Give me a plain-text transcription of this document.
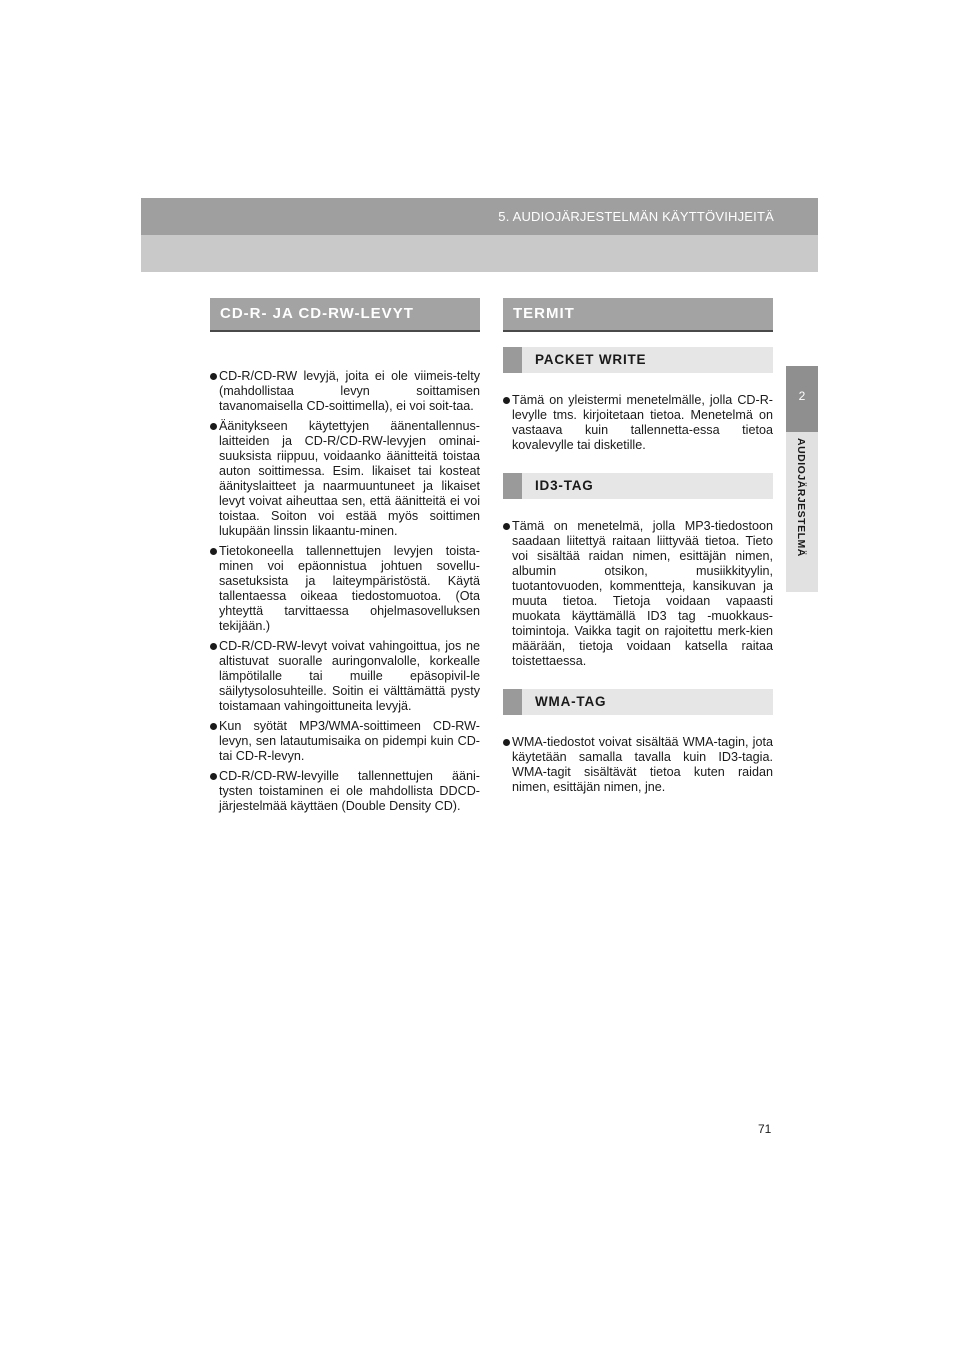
5. AUDIOJÄRJESTELMÄN KÄYTTÖVIHJEITÄ
2
AUDIOJÄRJESTELMÄ
CD-R- JA CD-RW-LEVYT
CD-R/CD-RW levyjä, joita ei ole viimeis-telty (mahdollistaa levyn soittamisen tavanomaisella CD-soittimella), ei voi soit-taa.
Äänitykseen käytettyjen äänentallennus-laitteiden ja CD-R/CD-RW-levyjen ominai-suuksista riippuu, voidaanko äänitteitä toistaa auton soittimessa. Esim. likaiset tai kosteat äänityslaitteet ja naarmuuntuneet ja likaiset levyt voivat aiheuttaa sen, että äänitteitä ei voi toistaa. Soiton voi estää myös soittimen lukupään linssin likaantu-minen.
Tietokoneella tallennettujen levyjen toista-minen voi epäonnistua johtuen sovellu-sasetuksista ja laiteympäristöstä. Käytä tallentaessa oikeaa tiedostomuotoa. (Ota yhteyttä tarvittaessa ohjelmasovelluksen tekijään.)
CD-R/CD-RW-levyt voivat vahingoittua, jos ne altistuvat suoralle auringonvalolle, korkealle lämpötilalle tai muille epäsopivil-le säilytysolosuhteille. Soitin ei välttämättä pysty toistamaan vahingoittuneita levyjä.
Kun syötät MP3/WMA-soittimeen CD-RW-levyn, sen latautumisaika on pidempi kuin CD- tai CD-R-levyn.
CD-R/CD-RW-levyille tallennettujen ääni-tysten toistaminen ei ole mahdollista DDCD-järjestelmää käyttäen (Double Density CD).
TERMIT
PACKET WRITE
Tämä on yleistermi menetelmälle, jolla CD-R-levylle tms. kirjoitetaan tietoa. Menetelmä on vastaava kuin tallennetta-essa tietoa kovalevylle tai disketille.
ID3-TAG
Tämä on menetelmä, jolla MP3-tiedostoon saadaan liitettyä raitaan liittyvää tietoa. Tieto voi sisältää raidan nimen, esittäjän nimen, albumin otsikon, musiikkityylin, tuotantovuoden, kommentteja, kansikuvan ja muuta tietoa. Tietoja voidaan vapaasti muokata käyttämällä ID3 tag -muokkaus-toimintoja. Vaikka tagit on rajoitettu merk-kien määrään, tietoja voidaan katsella raitaa toistettaessa.
WMA-TAG
WMA-tiedostot voivat sisältää WMA-tagin, jota käytetään samalla tavalla kuin ID3-tagia. WMA-tagit sisältävät tietoa kuten raidan nimen, esittäjän nimen, jne.
71
